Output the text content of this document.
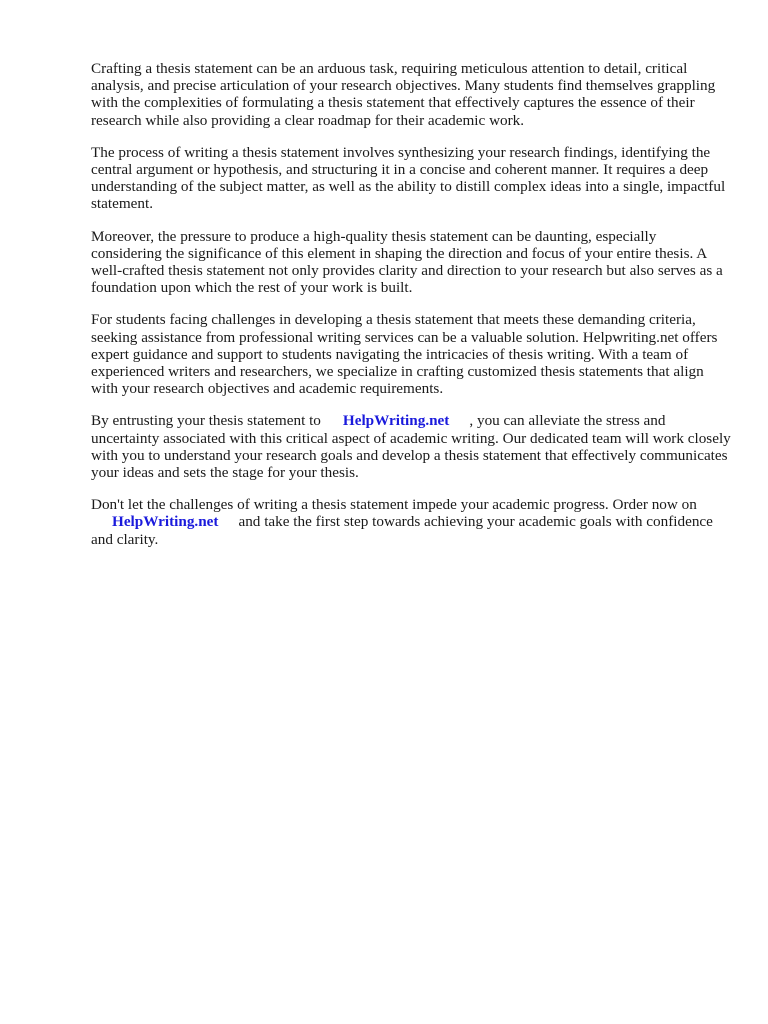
Crafting a thesis statement can be an arduous task, requiring meticulous attention to detail, critical analysis, and precise articulation of your research objectives. Many students find themselves grappling with the complexities of formulating a thesis statement that effectively captures the essence of their research while also providing a clear roadmap for their academic work.

The process of writing a thesis statement involves synthesizing your research findings, identifying the central argument or hypothesis, and structuring it in a concise and coherent manner. It requires a deep understanding of the subject matter, as well as the ability to distill complex ideas into a single, impactful statement.

Moreover, the pressure to produce a high-quality thesis statement can be daunting, especially considering the significance of this element in shaping the direction and focus of your entire thesis. A well-crafted thesis statement not only provides clarity and direction to your research but also serves as a foundation upon which the rest of your work is built.

For students facing challenges in developing a thesis statement that meets these demanding criteria, seeking assistance from professional writing services can be a valuable solution. Helpwriting.net offers expert guidance and support to students navigating the intricacies of thesis writing. With a team of experienced writers and researchers, we specialize in crafting customized thesis statements that align with your research objectives and academic requirements.

By entrusting your thesis statement to HelpWriting.net , you can alleviate the stress and uncertainty associated with this critical aspect of academic writing. Our dedicated team will work closely with you to understand your research goals and develop a thesis statement that effectively communicates your ideas and sets the stage for your thesis.

Don't let the challenges of writing a thesis statement impede your academic progress. Order now on
HelpWriting.net and take the first step towards achieving your academic goals with confidence and clarity.
